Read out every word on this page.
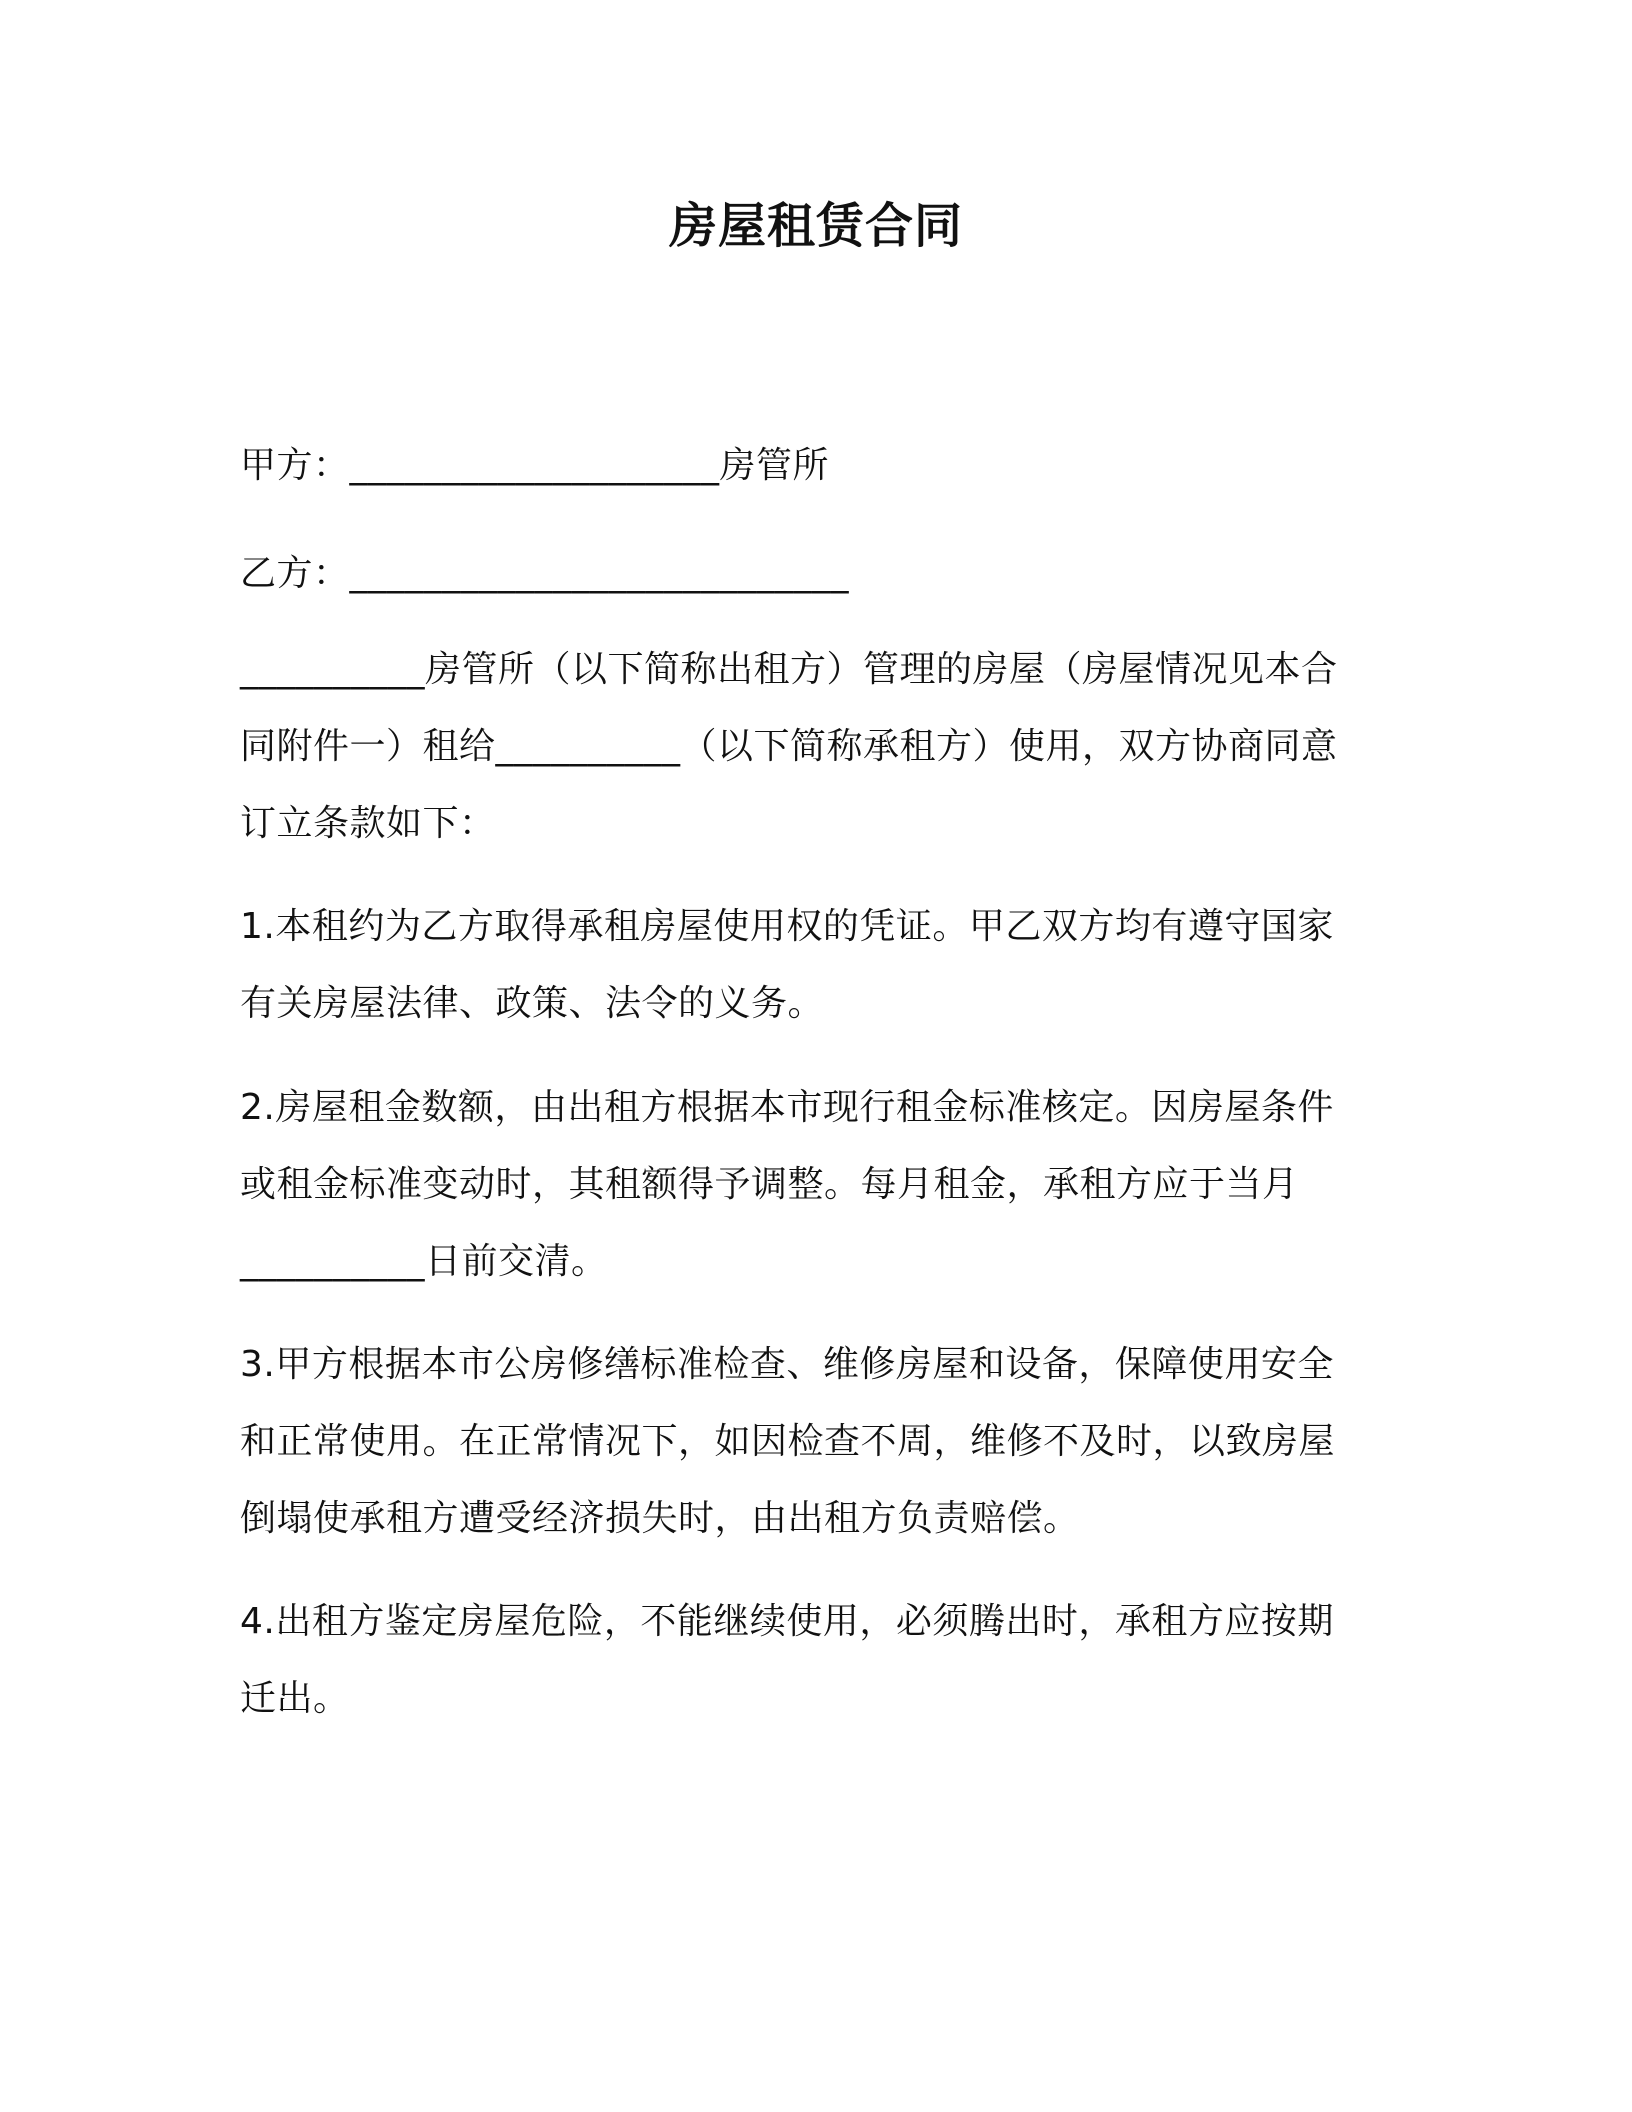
房屋租赁合同
甲方：____________________房管所
乙方：___________________________
__________房管所（以下简称出租方）管理的房屋（房屋情况见本合
同附件一）租给__________（以下简称承租方）使用，双方协商同意
订立条款如下：
1.本租约为乙方取得承租房屋使用权的凭证。甲乙双方均有遵守国家
有关房屋法律、政策、法令的义务。
2.房屋租金数额，由出租方根据本市现行租金标准核定。因房屋条件
或租金标准变动时，其租额得予调整。每月租金，承租方应于当月
__________日前交清。
3.甲方根据本市公房修缮标准检查、维修房屋和设备，保障使用安全
和正常使用。在正常情况下，如因检查不周，维修不及时，以致房屋
倒塌使承租方遭受经济损失时，由出租方负责赔偿。
4.出租方鉴定房屋危险，不能继续使用，必须腾出时，承租方应按期
迁出。
